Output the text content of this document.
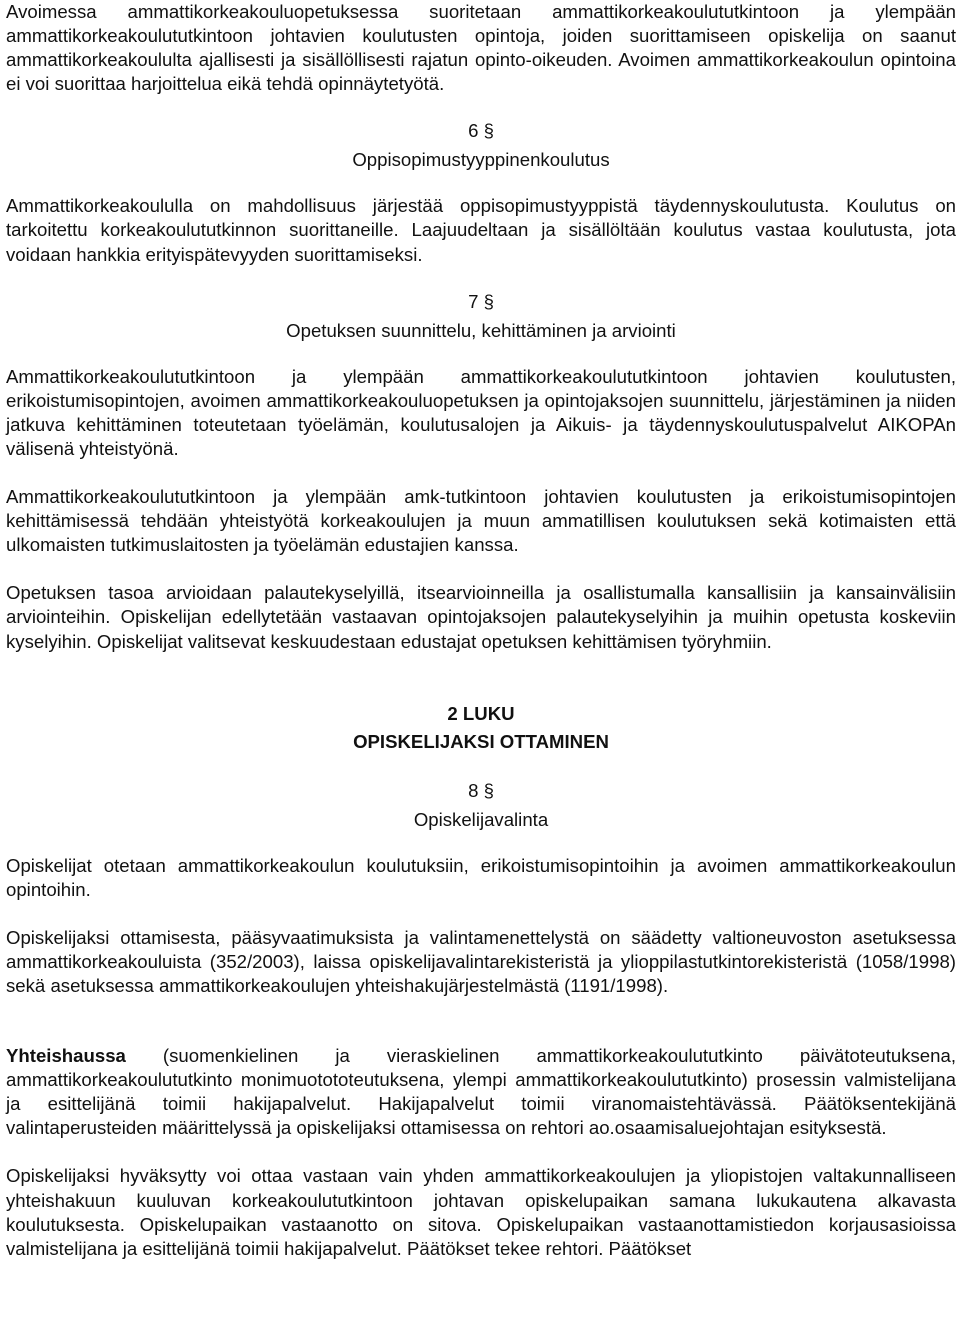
Avoimessa ammattikorkeakouluopetuksessa suoritetaan ammattikorkeakoulututkintoon ja ylempään ammattikorkeakoulututkintoon johtavien koulutusten opintoja, joiden suorittamiseen opiskelija on saanut ammattikorkeakoululta ajallisesti ja sisällöllisesti rajatun opinto-oikeuden. Avoimen ammattikorkeakoulun opintoina ei voi suorittaa harjoittelua eikä tehdä opinnäytetyötä.

6 §
Oppisopimustyyppinenkoulutus

Ammattikorkeakoululla on mahdollisuus järjestää oppisopimustyyppistä täydennyskoulutusta. Koulutus on tarkoitettu korkeakoulututkinnon suorittaneille. Laajuudeltaan ja sisällöltään koulutus vastaa koulutusta, jota voidaan hankkia erityispätevyyden suorittamiseksi.

7 §
Opetuksen suunnittelu, kehittäminen ja arviointi

Ammattikorkeakoulututkintoon ja ylempään ammattikorkeakoulututkintoon johtavien koulutusten, erikoistumisopintojen, avoimen ammattikorkeakouluopetuksen ja opintojaksojen suunnittelu, järjestäminen ja niiden jatkuva kehittäminen toteutetaan työelämän, koulutusalojen ja Aikuis- ja täydennyskoulutuspalvelut AIKOPAn välisenä yhteistyönä.

Ammattikorkeakoulututkintoon ja ylempään amk-tutkintoon johtavien koulutusten ja erikoistumisopintojen kehittämisessä tehdään yhteistyötä korkeakoulujen ja muun ammatillisen koulutuksen sekä kotimaisten että ulkomaisten tutkimuslaitosten ja työelämän edustajien kanssa.

Opetuksen tasoa arvioidaan palautekyselyillä, itsearvioinneilla ja osallistumalla kansallisiin ja kansainvälisiin arviointeihin. Opiskelijan edellytetään vastaavan opintojaksojen palautekyselyihin ja muihin opetusta koskeviin kyselyihin. Opiskelijat valitsevat keskuudestaan edustajat opetuksen kehittämisen työryhmiin.

2 LUKU
OPISKELIJAKSI OTTAMINEN
8 §
Opiskelijavalinta

Opiskelijat otetaan ammattikorkeakoulun koulutuksiin, erikoistumisopintoihin ja avoimen ammattikorkeakoulun opintoihin.

Opiskelijaksi ottamisesta, pääsyvaatimuksista ja valintamenettelystä on säädetty valtioneuvoston asetuksessa ammattikorkeakouluista (352/2003), laissa opiskelijavalintarekisteristä ja ylioppilastutkintorekisteristä (1058/1998) sekä asetuksessa ammattikorkeakoulujen yhteishakujärjestelmästä (1191/1998).

Yhteishaussa (suomenkielinen ja vieraskielinen ammattikorkeakoulututkinto päivätoteutuksena, ammattikorkeakoulututkinto monimuotototeutuksena, ylempi ammattikorkeakoulututkinto) prosessin valmistelijana ja esittelijänä toimii hakijapalvelut. Hakijapalvelut toimii viranomaistehtävässä. Päätöksentekijänä valintaperusteiden määrittelyssä ja opiskelijaksi ottamisessa on rehtori ao.osaamisaluejohtajan esityksestä.

Opiskelijaksi hyväksytty voi ottaa vastaan vain yhden ammattikorkeakoulujen ja yliopistojen valtakunnalliseen yhteishakuun kuuluvan korkeakoulututkintoon johtavan opiskelupaikan samana lukukautena alkavasta koulutuksesta. Opiskelupaikan vastaanotto on sitova. Opiskelupaikan vastaanottamistiedon korjausasioissa valmistelijana ja esittelijänä toimii hakijapalvelut. Päätökset tekee rehtori. Päätökset
